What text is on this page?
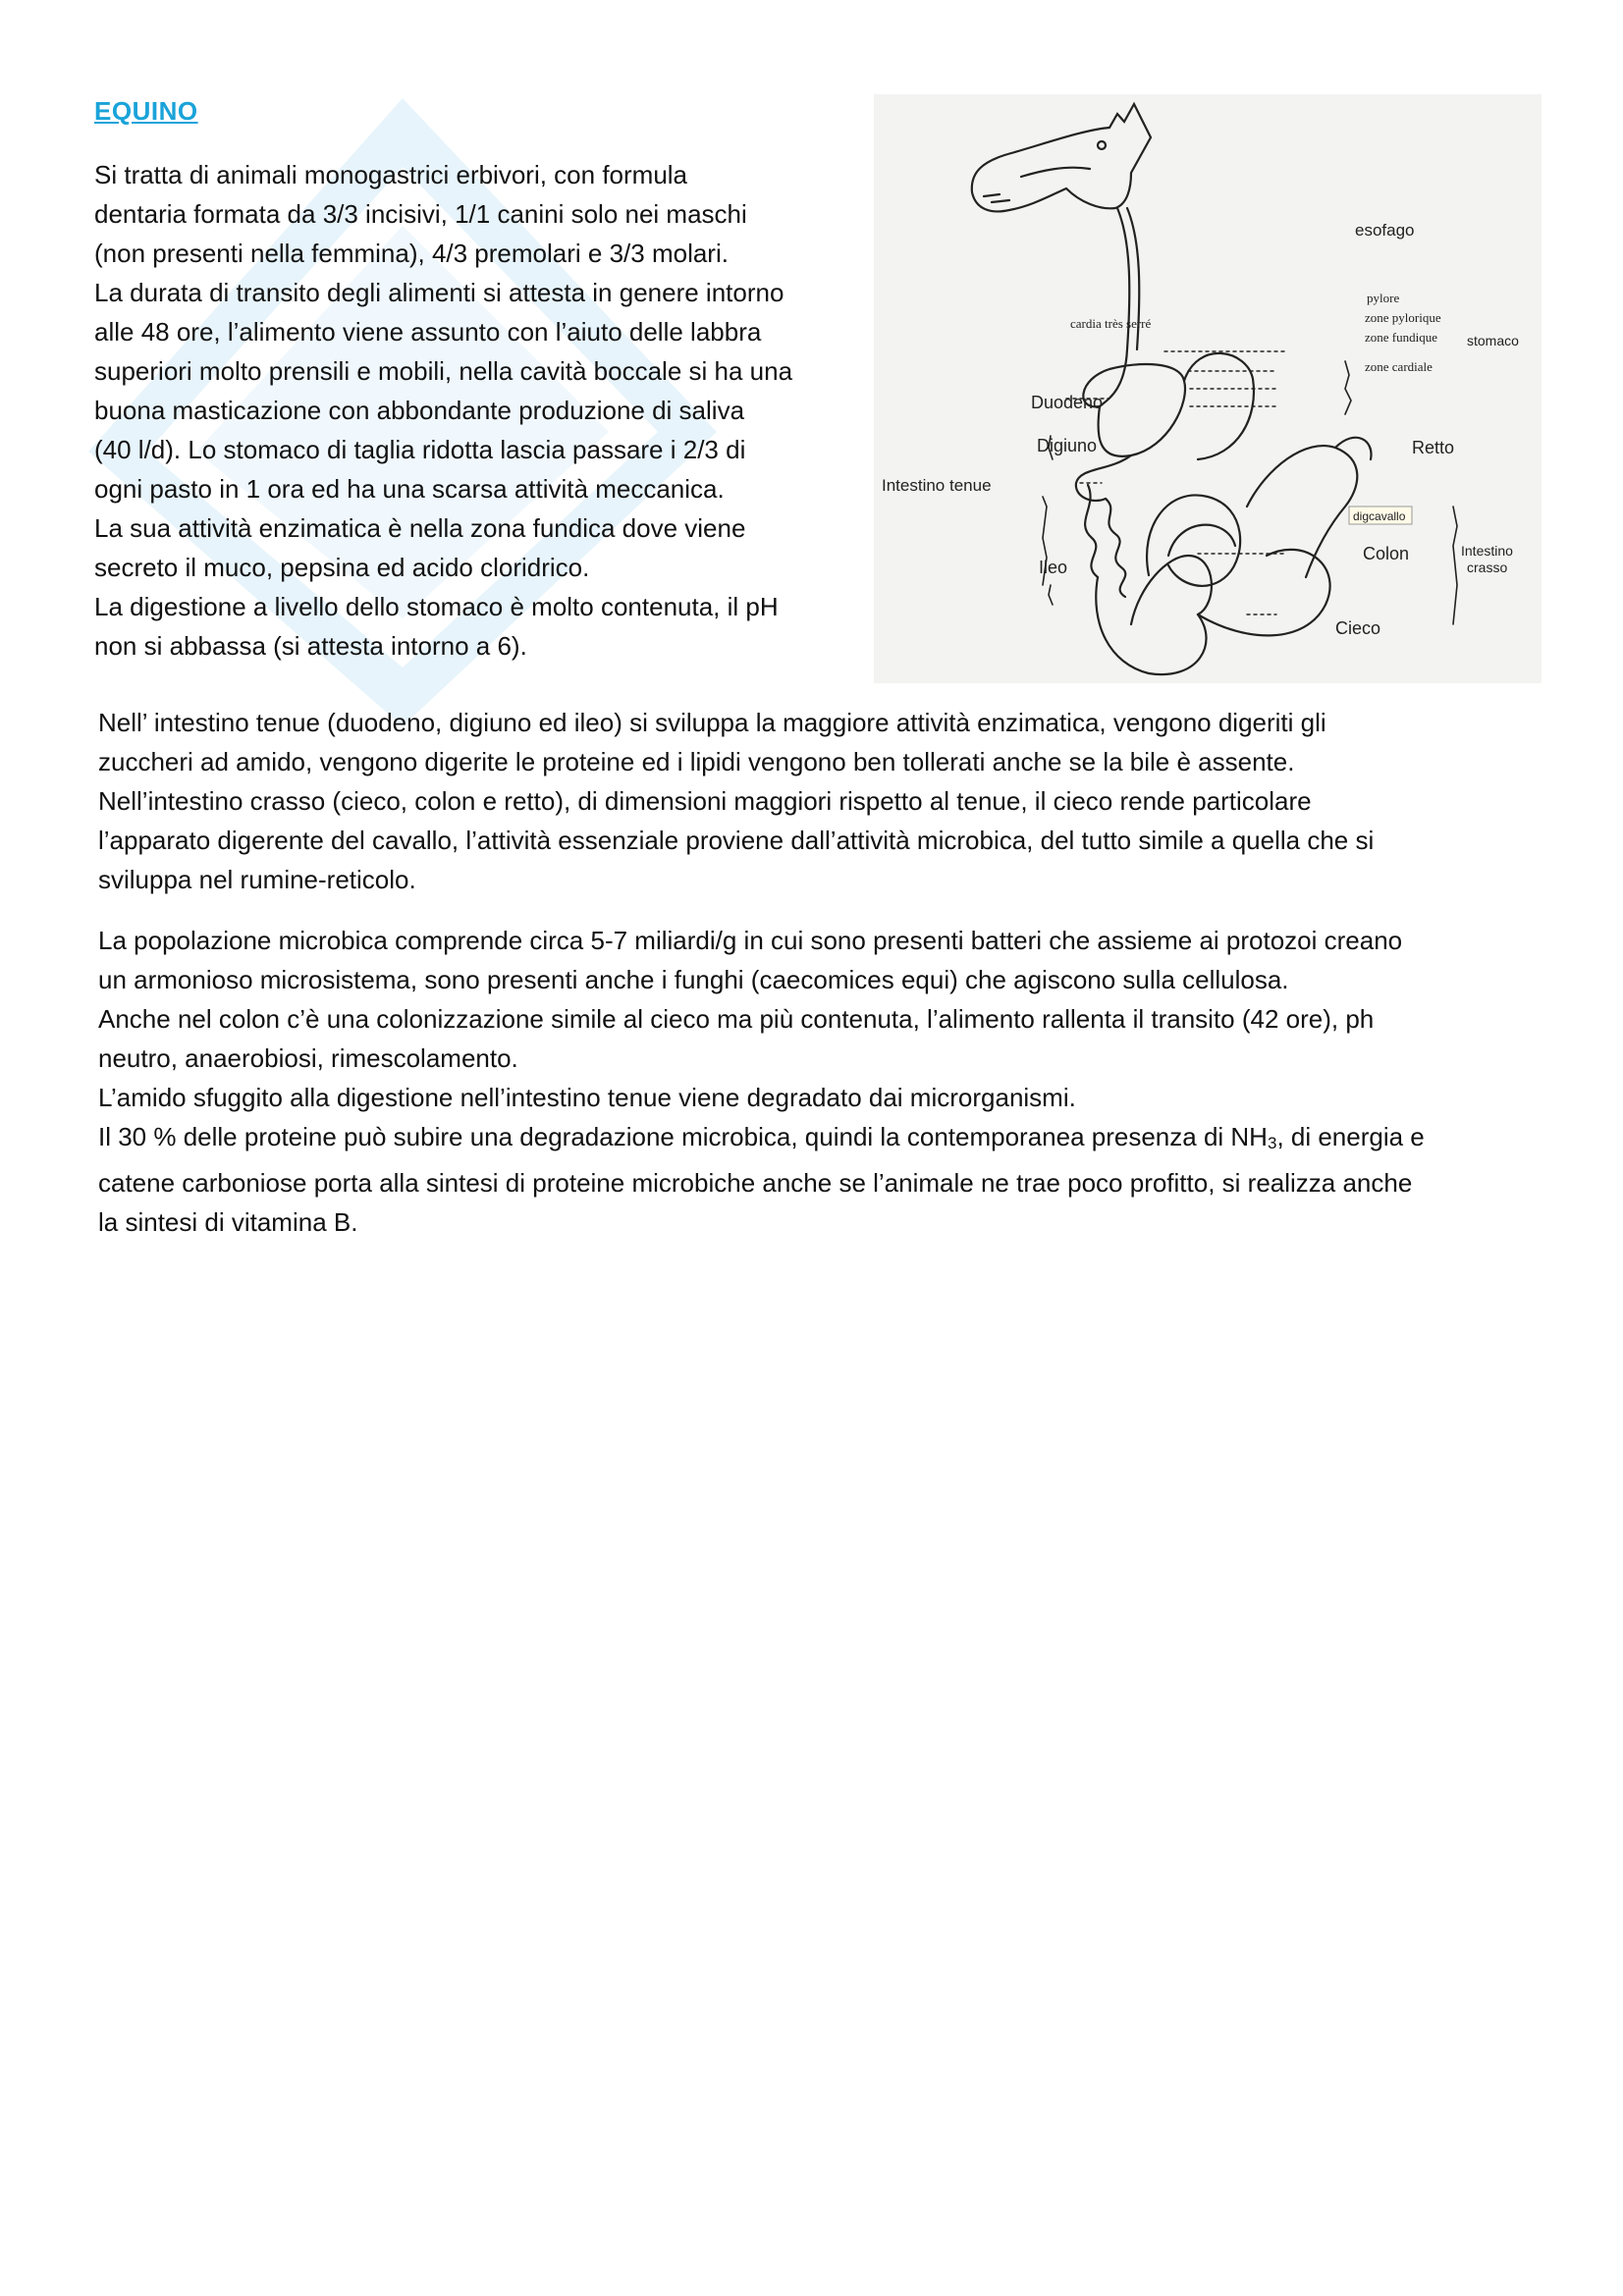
EQUINO

Si tratta di animali monogastrici erbivori, con formula

dentaria formata da 3/3 incisivi, 1/1 canini solo nei maschi

(non presenti nella femmina), 4/3 premolari e 3/3 molari.

La durata di transito degli alimenti si attesta in genere intorno

alle 48 ore, l’alimento viene assunto con l’aiuto delle labbra

superiori molto prensili e mobili, nella cavità boccale si ha una

buona masticazione con abbondante produzione di saliva

(40 l/d). Lo stomaco di taglia ridotta lascia passare i 2/3 di

ogni pasto in 1 ora ed ha una scarsa attività meccanica.

La sua attività enzimatica è nella zona fundica dove viene

secreto il muco, pepsina ed acido cloridrico.

La digestione a livello dello stomaco è molto contenuta, il pH

non si abbassa (si attesta intorno a 6).

esofago
pylore
cardia très serré	zone pylorique
zone fundique
zone cardiale
stomaco
Duodeno
Digiuno	Retto
Intestino tenue
digcavallo
Ileo
Colon	Intestino
crasso
Cieco

Nell’ intestino tenue (duodeno, digiuno ed ileo) si sviluppa la maggiore attività enzimatica, vengono digeriti gli
zuccheri ad amido, vengono digerite le proteine ed i lipidi vengono ben tollerati anche se la bile è assente.
Nell’intestino crasso (cieco, colon e retto), di dimensioni maggiori rispetto al tenue, il cieco rende particolare
l’apparato digerente del cavallo, l’attività essenziale proviene dall’attività microbica, del tutto simile a quella che si
sviluppa nel rumine-reticolo.

La popolazione microbica comprende circa 5-7 miliardi/g in cui sono presenti batteri che assieme ai protozoi creano
un armonioso microsistema, sono presenti anche i funghi (caecomices equi) che agiscono sulla cellulosa.
Anche nel colon c’è una colonizzazione simile al cieco ma più contenuta, l’alimento rallenta il transito (42 ore), ph
neutro, anaerobiosi, rimescolamento.
L’amido sfuggito alla digestione nell’intestino tenue viene degradato dai microrganismi.
Il 30 % delle proteine può subire una degradazione microbica, quindi la contemporanea presenza di $NH_3$, di energia e
catene carboniose porta alla sintesi di proteine microbiche anche se l’animale ne trae poco profitto, si realizza anche
la sintesi di vitamina B.
